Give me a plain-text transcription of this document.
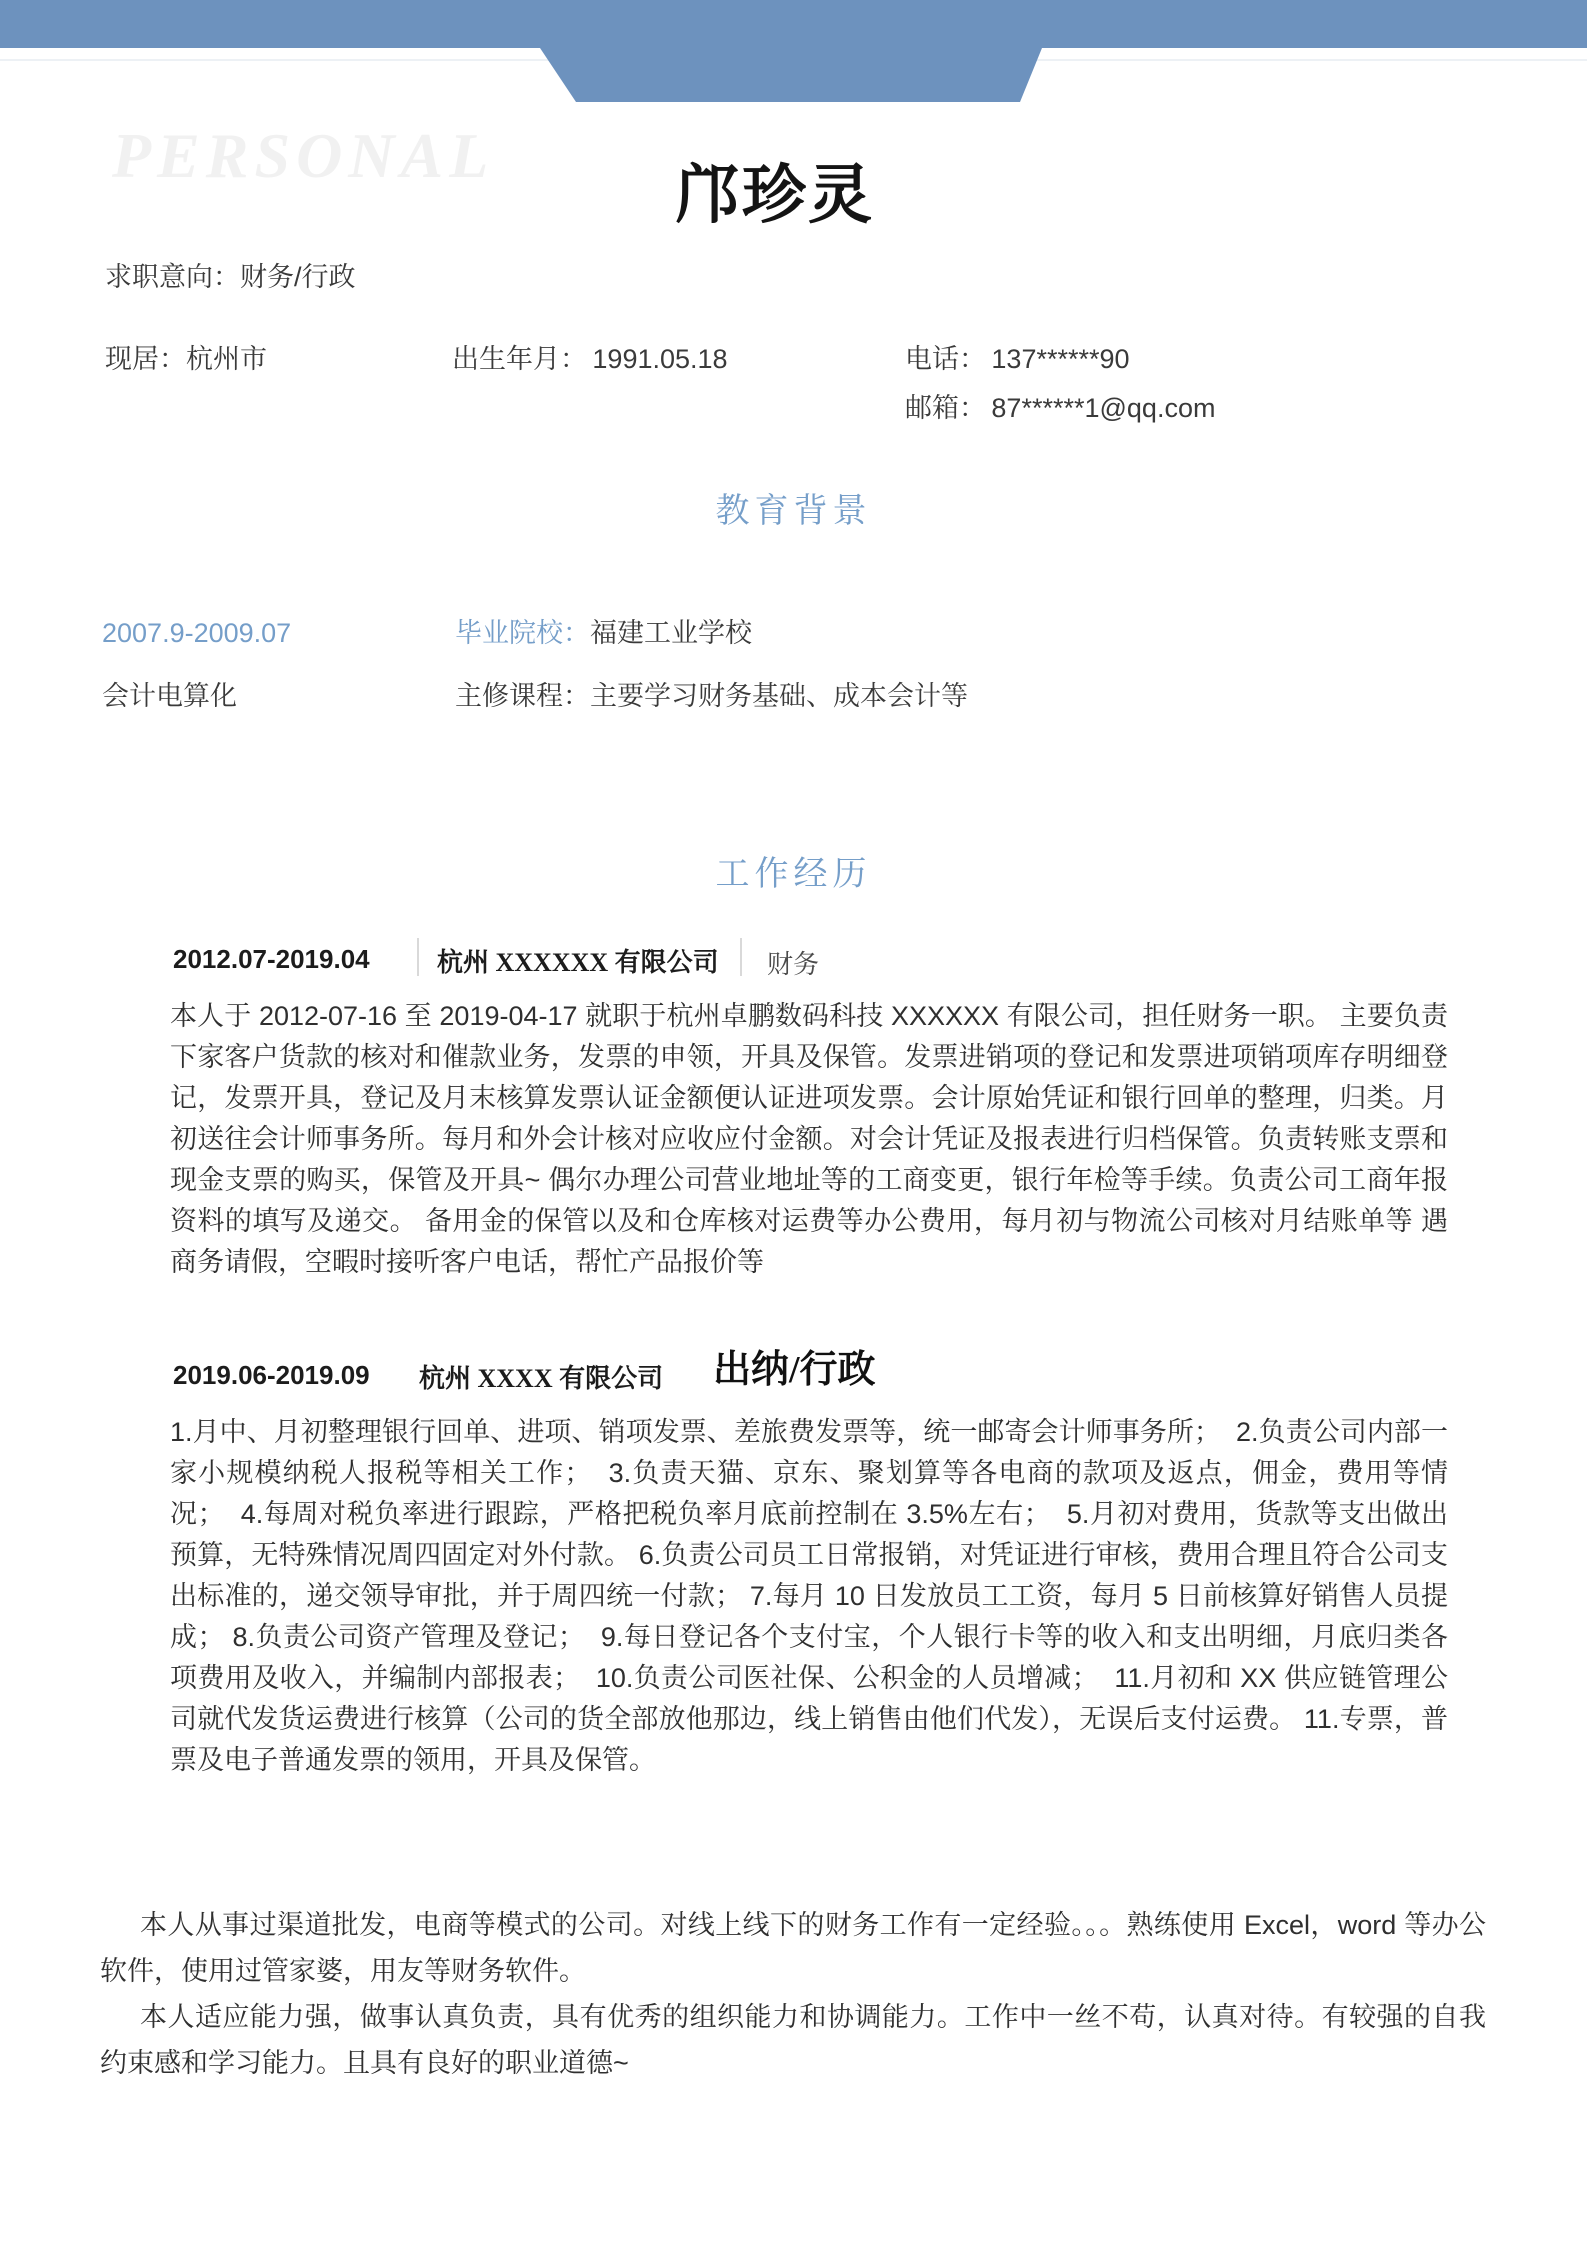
PERSONAL
邝珍灵
求职意向：财务/行政
现居：杭州市	出生年月：  1991.05.18	电话：  137******90
邮箱：  87******1@qq.com
教育背景
2007.9-2009.07	毕业院校：福建工业学校
会计电算化	主修课程：主要学习财务基础、成本会计等
工作经历
2012.07-2019.04	杭州 XXXXXX 有限公司 财务

本人于 2012-07-16 至 2019-04-17 就职于杭州卓鹏数码科技 XXXXXX 有限公司，担任财务一职。 主要负责下家客户货款的核对和催款业务，发票的申领，开具及保管。发票进销项的登记和发票进项销项库存明细登记，发票开具，登记及月末核算发票认证金额便认证进项发票。会计原始凭证和银行回单的整理，归类。月初送往会计师事务所。每月和外会计核对应收应付金额。对会计凭证及报表进行归档保管。负责转账支票和现金支票的购买，保管及开具~ 偶尔办理公司营业地址等的工商变更，银行年检等手续。负责公司工商年报资料的填写及递交。 备用金的保管以及和仓库核对运费等办公费用，每月初与物流公司核对月结账单等 遇商务请假，空暇时接听客户电话，帮忙产品报价等

2019.06-2019.09 杭州 XXXX 有限公司 出纳/行政

1.月中、月初整理银行回单、进项、销项发票、差旅费发票等，统一邮寄会计师事务所；  2.负责公司内部一家小规模纳税人报税等相关工作；  3.负责天猫、京东、聚划算等各电商的款项及返点，佣金，费用等情况；  4.每周对税负率进行跟踪，严格把税负率月底前控制在 3.5%左右；  5.月初对费用，货款等支出做出预算，无特殊情况周四固定对外付款。 6.负责公司员工日常报销，对凭证进行审核，费用合理且符合公司支出标准的，递交领导审批，并于周四统一付款； 7.每月 10 日发放员工工资，每月 5 日前核算好销售人员提成； 8.负责公司资产管理及登记；  9.每日登记各个支付宝，个人银行卡等的收入和支出明细，月底归类各项费用及收入，并编制内部报表；  10.负责公司医社保、公积金的人员增减；  11.月初和 XX 供应链管理公司就代发货运费进行核算（公司的货全部放他那边，线上销售由他们代发），无误后支付运费。 11.专票，普票及电子普通发票的领用，开具及保管。

本人从事过渠道批发，电商等模式的公司。对线上线下的财务工作有一定经验。。。熟练使用 Excel，word 等办公软件，使用过管家婆，用友等财务软件。

本人适应能力强，做事认真负责，具有优秀的组织能力和协调能力。工作中一丝不苟，认真对待。有较强的自我约束感和学习能力。且具有良好的职业道德~
